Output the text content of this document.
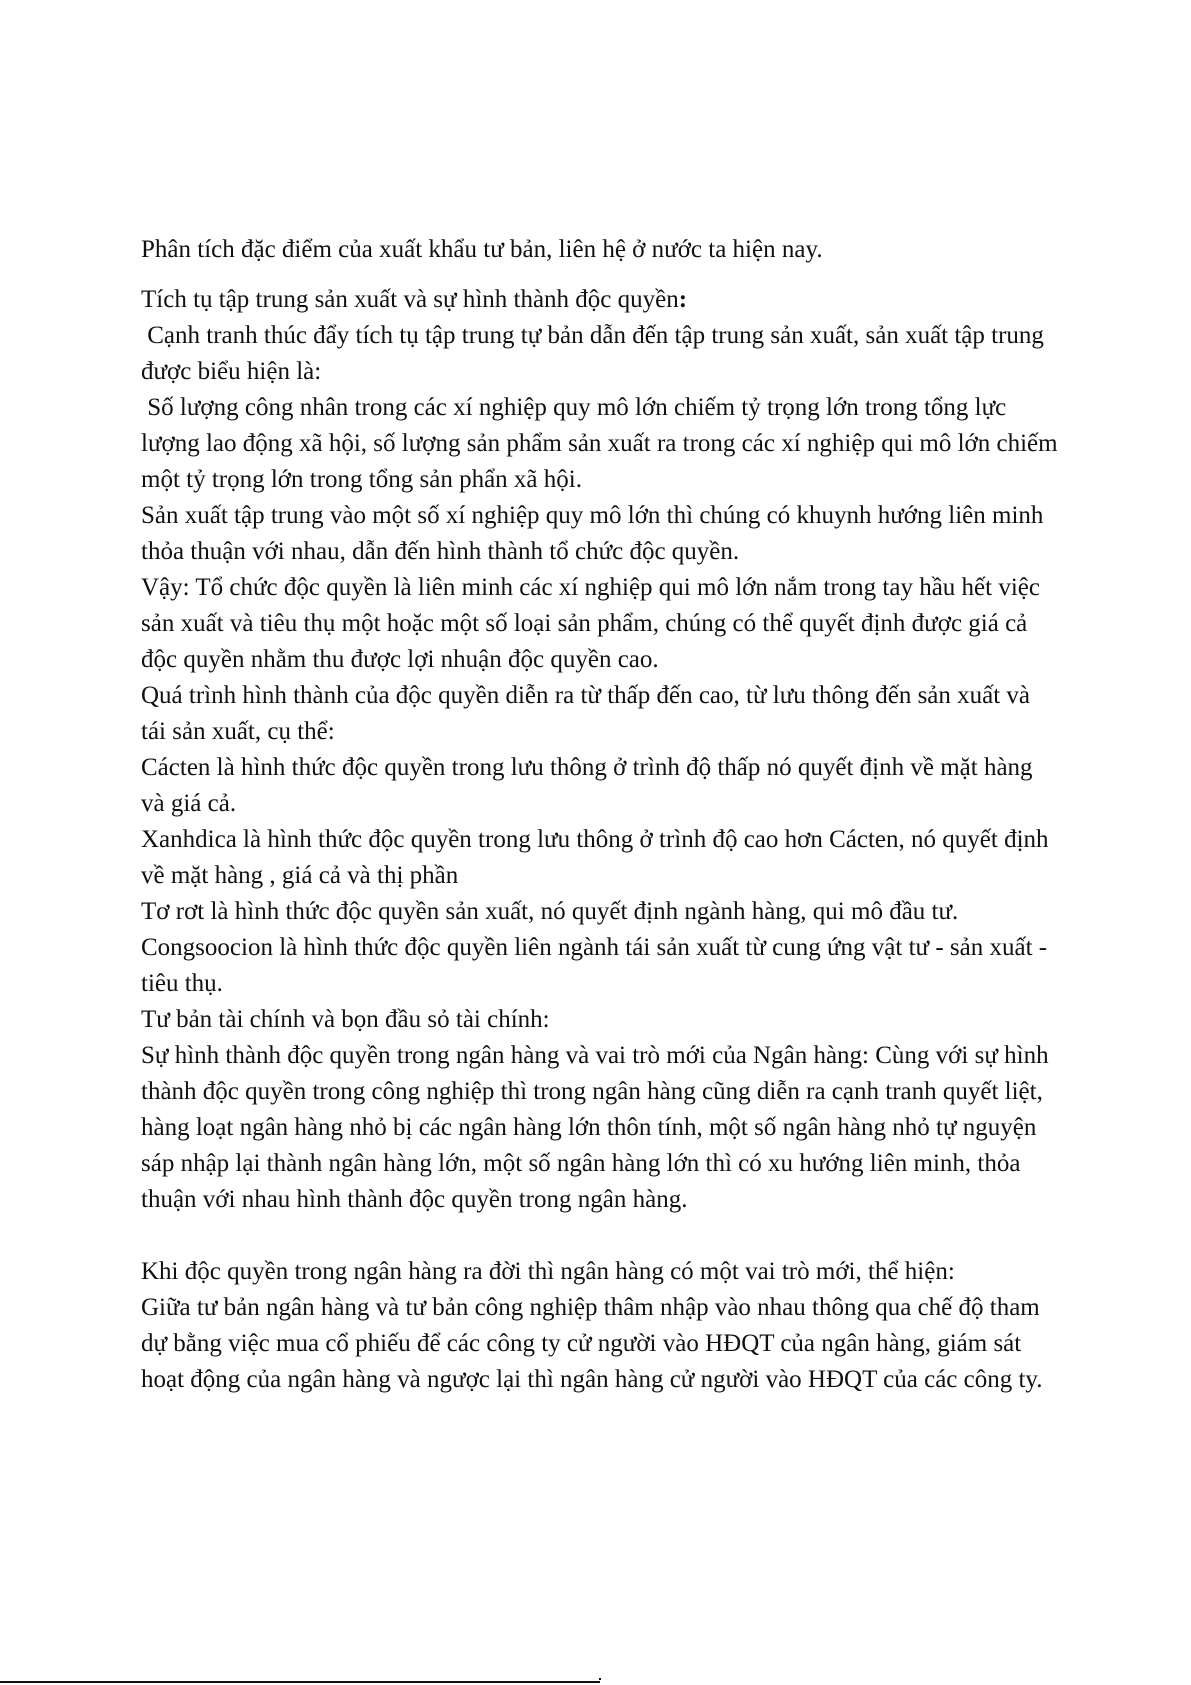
Phân tích đặc điểm của xuất khẩu tư bản, liên hệ ở nước ta hiện nay.

Tích tụ tập trung sản xuất và sự hình thành độc quyền:

Cạnh tranh thúc đẩy tích tụ tập trung tự bản dẫn đến tập trung sản xuất, sản xuất tập trung được biểu hiện là:

Số lượng công nhân trong các xí nghiệp quy mô lớn chiếm tỷ trọng lớn trong tổng lực lượng lao động xã hội, số lượng sản phẩm sản xuất ra trong các xí nghiệp qui mô lớn chiếm một tỷ trọng lớn trong tổng sản phẩn xã hội.

Sản xuất tập trung vào một số xí nghiệp quy mô lớn thì chúng có khuynh hướng liên minh thỏa thuận với nhau, dẫn đến hình thành tổ chức độc quyền.

Vậy: Tổ chức độc quyền là liên minh các xí nghiệp qui mô lớn nắm trong tay hầu hết việc sản xuất và tiêu thụ một hoặc một số loại sản phẩm, chúng có thể quyết định được giá cả độc quyền nhằm thu được lợi nhuận độc quyền cao.

Quá trình hình thành của độc quyền diễn ra từ thấp đến cao, từ lưu thông đến sản xuất và tái sản xuất, cụ thể:

Cácten là hình thức độc quyền trong lưu thông ở trình độ thấp nó quyết định về mặt hàng và giá cả.

Xanhdica là hình thức độc quyền trong lưu thông ở trình độ cao hơn Cácten, nó quyết định về mặt hàng , giá cả và thị phần

Tơ rơt là hình thức độc quyền sản xuất, nó quyết định ngành hàng, qui mô đầu tư.

Congsoocion là hình thức độc quyền liên ngành tái sản xuất từ cung ứng vật tư - sản xuất - tiêu thụ.

Tư bản tài chính và bọn đầu sỏ tài chính:

Sự hình thành độc quyền trong ngân hàng và vai trò mới của Ngân hàng: Cùng với sự hình thành độc quyền trong công nghiệp thì trong ngân hàng cũng diễn ra cạnh tranh quyết liệt, hàng loạt ngân hàng nhỏ bị các ngân hàng lớn thôn tính, một số ngân hàng nhỏ tự nguyện sáp nhập lại thành ngân hàng lớn, một số ngân hàng lớn thì có xu hướng liên minh, thỏa thuận với nhau hình thành độc quyền trong ngân hàng.

Khi độc quyền trong ngân hàng ra đời thì ngân hàng có một vai trò mới, thể hiện:

Giữa tư bản ngân hàng và tư bản công nghiệp thâm nhập vào nhau thông qua chế độ tham dự bằng việc mua cổ phiếu để các công ty cử người vào HĐQT của ngân hàng, giám sát hoạt động của ngân hàng và ngược lại thì ngân hàng cử người vào HĐQT của các công ty.
